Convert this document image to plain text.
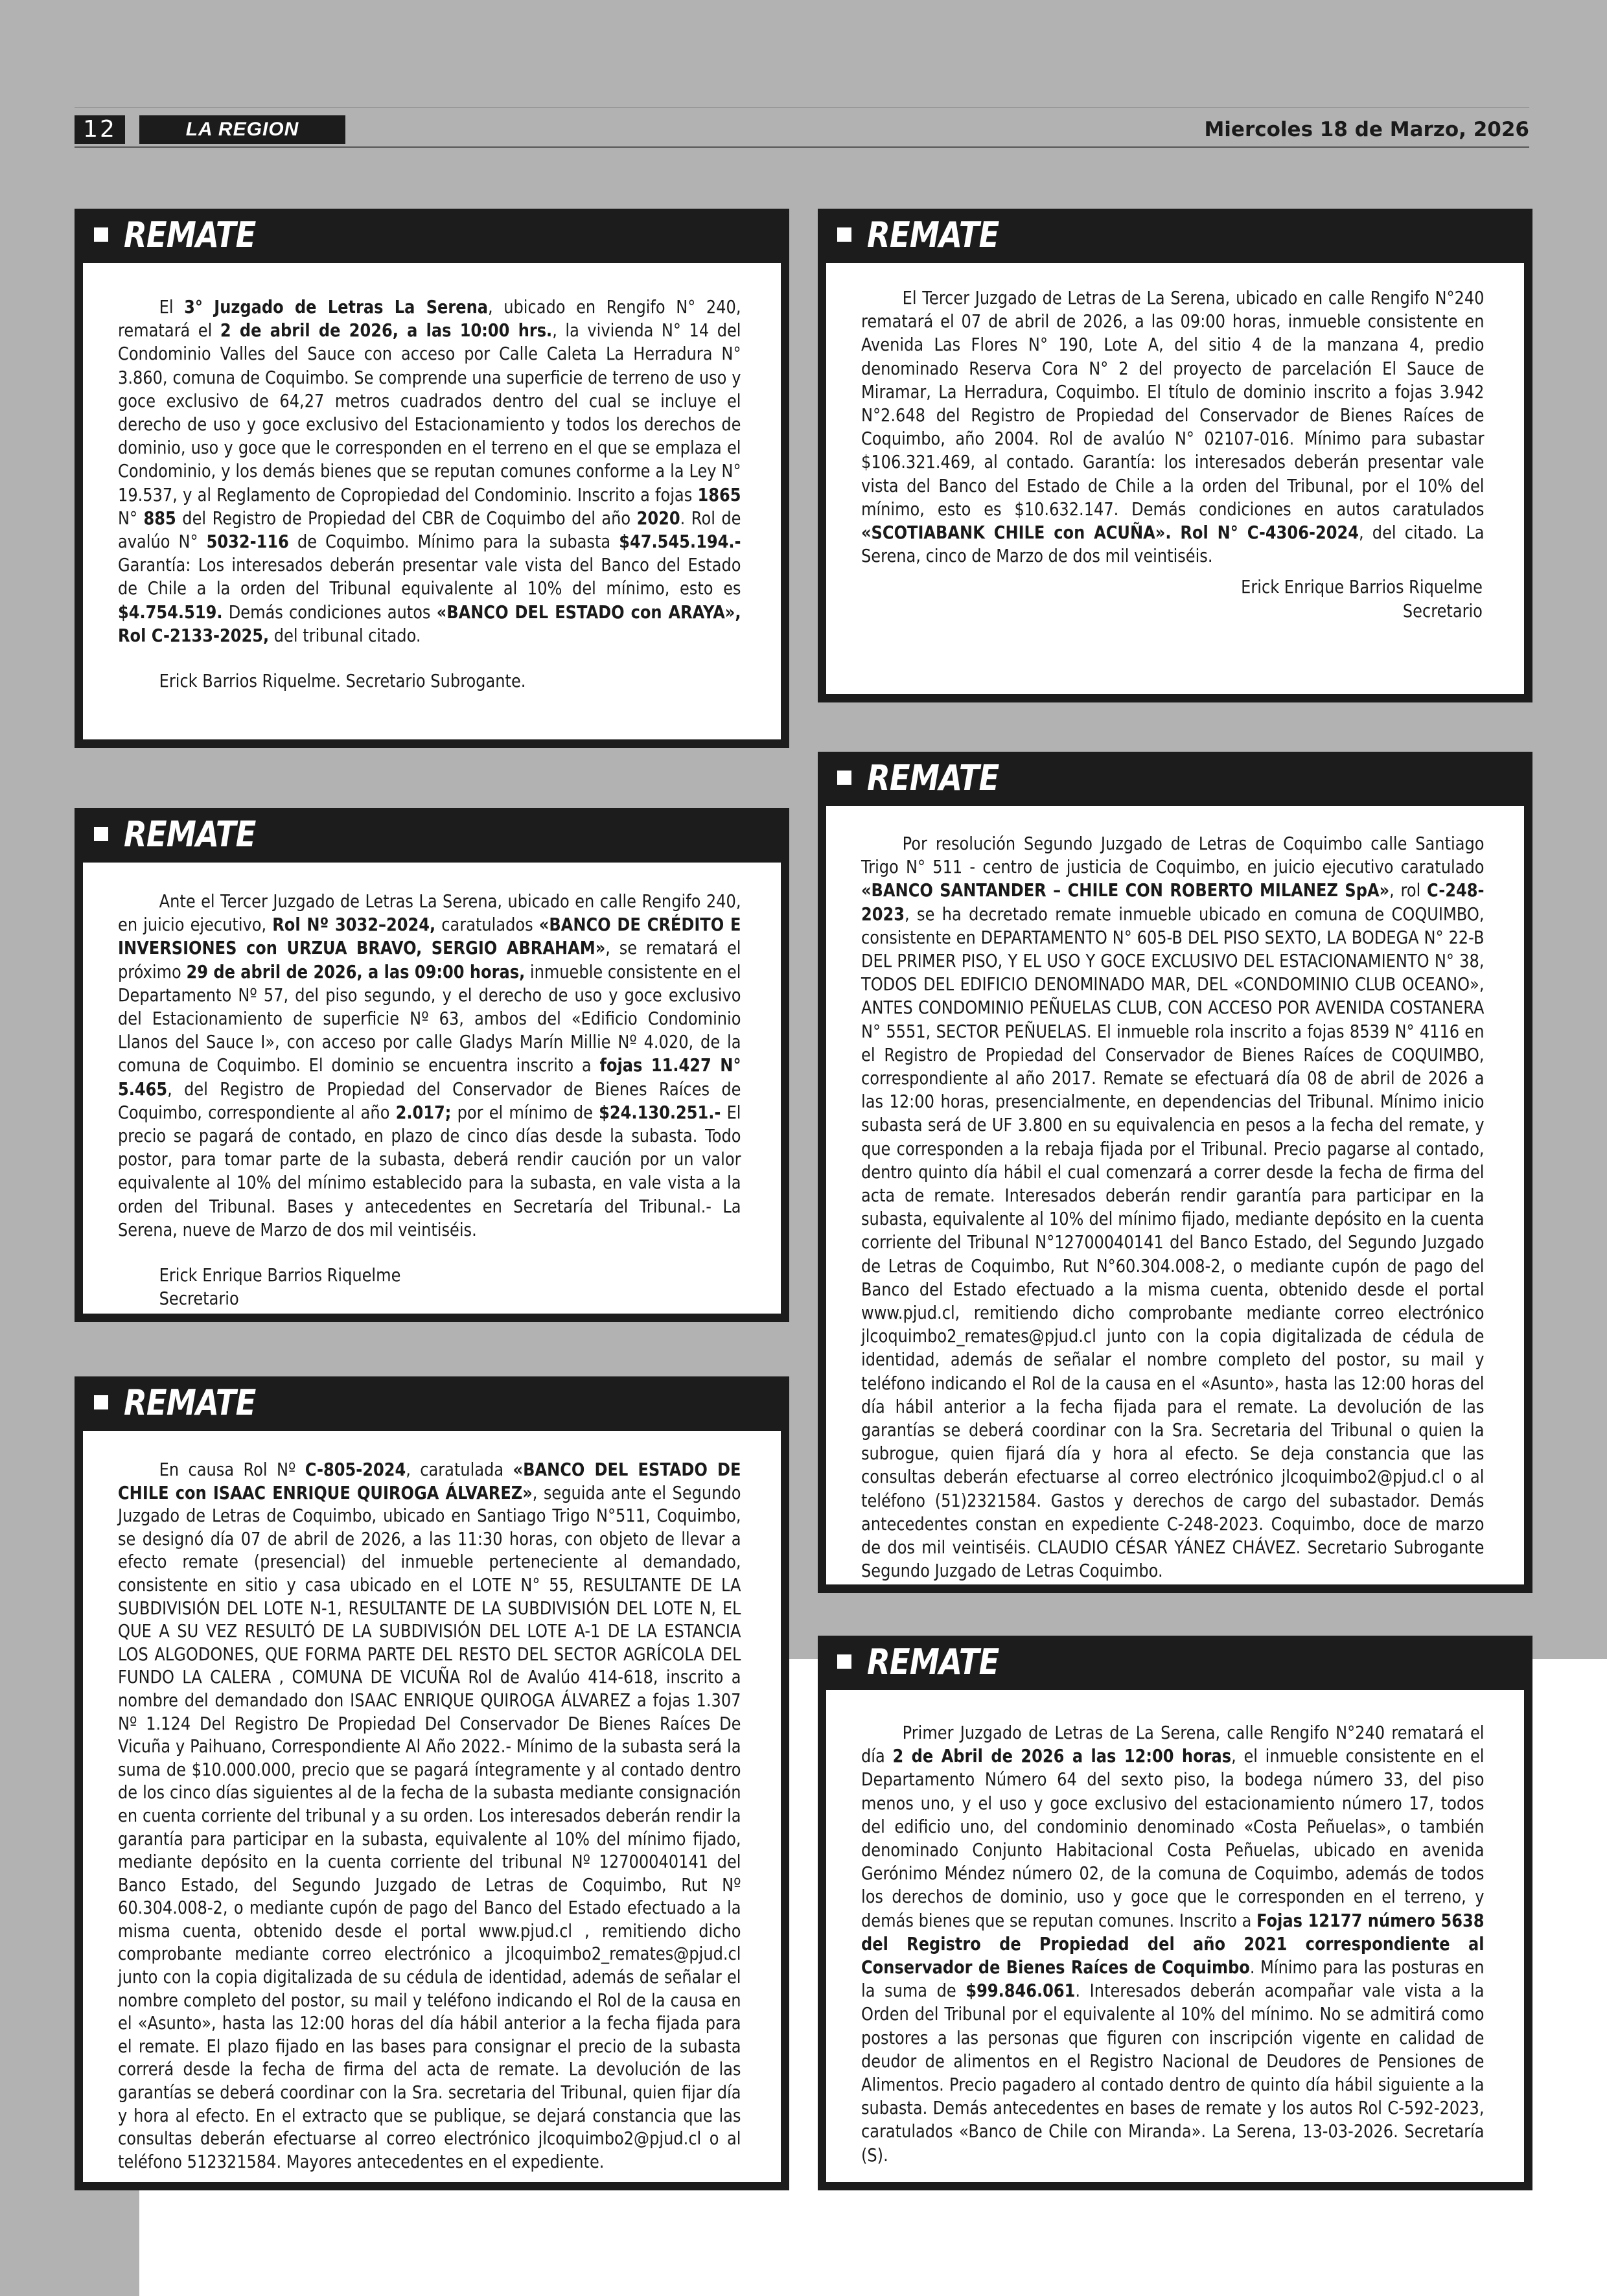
12	LA REGION	Miercoles 18 de Marzo, 2026
REMATE

El 3° Juzgado de Letras La Serena, ubicado en Rengifo N° 240, rematará el 2 de abril de 2026, a las 10:00 hrs., la vivienda N° 14 del Condominio Valles del Sauce con acceso por Calle Caleta La Herradura N° 3.860, comuna de Coquimbo. Se comprende una superficie de terreno de uso y goce exclusivo de 64,27 metros cuadrados dentro del cual se incluye el derecho de uso y goce exclusivo del Estacionamiento y todos los derechos de dominio, uso y goce que le corresponden en el terreno en el que se emplaza el Condominio, y los demás bienes que se reputan comunes conforme a la Ley N° 19.537, y al Reglamento de Copropiedad del Condominio. Inscrito a fojas 1865 N° 885 del Registro de Propiedad del CBR de Coquimbo del año 2020. Rol de avalúo N° 5032-116 de Coquimbo. Mínimo para la subasta $47.545.194.- Garantía: Los interesados deberán presentar vale vista del Banco del Estado de Chile a la orden del Tribunal equivalente al 10% del mínimo, esto es $4.754.519. Demás condiciones autos «BANCO DEL ESTADO con ARAYA», Rol C-2133-2025, del tribunal citado.

Erick Barrios Riquelme. Secretario Subrogante.

REMATE

El Tercer Juzgado de Letras de La Serena, ubicado en calle Rengifo N°240 rematará el 07 de abril de 2026, a las 09:00 horas, inmueble consistente en Avenida Las Flores N° 190, Lote A, del sitio 4 de la manzana 4, predio denominado Reserva Cora N° 2 del proyecto de parcelación El Sauce de Miramar, La Herradura, Coquimbo. El título de dominio inscrito a fojas 3.942 N°2.648 del Registro de Propiedad del Conservador de Bienes Raíces de Coquimbo, año 2004. Rol de avalúo N° 02107-016. Mínimo para subastar $106.321.469, al contado. Garantía: los interesados deberán presentar vale vista del Banco del Estado de Chile a la orden del Tribunal, por el 10% del mínimo, esto es $10.632.147. Demás condiciones en autos caratulados «SCOTIABANK CHILE con ACUÑA». Rol N° C-4306-2024, del citado. La Serena, cinco de Marzo de dos mil veintiséis.

Erick Enrique Barrios Riquelme
Secretario
REMATE

Ante el Tercer Juzgado de Letras La Serena, ubicado en calle Rengifo 240, en juicio ejecutivo, Rol Nº 3032–2024, caratulados «BANCO DE CRÉDITO E INVERSIONES con URZUA BRAVO, SERGIO ABRAHAM», se rematará el próximo 29 de abril de 2026, a las 09:00 horas, inmueble consistente en el Departamento Nº 57, del piso segundo, y el derecho de uso y goce exclusivo del Estacionamiento de superficie Nº 63, ambos del «Edificio Condominio Llanos del Sauce I», con acceso por calle Gladys Marín Millie Nº 4.020, de la comuna de Coquimbo. El dominio se encuentra inscrito a fojas 11.427 N° 5.465, del Registro de Propiedad del Conservador de Bienes Raíces de Coquimbo, correspondiente al año 2.017; por el mínimo de $24.130.251.- El precio se pagará de contado, en plazo de cinco días desde la subasta. Todo postor, para tomar parte de la subasta, deberá rendir caución por un valor equivalente al 10% del mínimo establecido para la subasta, en vale vista a la orden del Tribunal. Bases y antecedentes en Secretaría del Tribunal.- La Serena, nueve de Marzo de dos mil veintiséis.

Erick Enrique Barrios Riquelme
Secretario
REMATE

Por resolución Segundo Juzgado de Letras de Coquimbo calle Santiago Trigo N° 511 - centro de justicia de Coquimbo, en juicio ejecutivo caratulado «BANCO SANTANDER – CHILE CON ROBERTO MILANEZ SpA», rol C-248-2023, se ha decretado remate inmueble ubicado en comuna de COQUIMBO, consistente en DEPARTAMENTO N° 605-B DEL PISO SEXTO, LA BODEGA N° 22-B DEL PRIMER PISO, Y EL USO Y GOCE EXCLUSIVO DEL ESTACIONAMIENTO N° 38, TODOS DEL EDIFICIO DENOMINADO MAR, DEL «CONDOMINIO CLUB OCEANO», ANTES CONDOMINIO PEÑUELAS CLUB, CON ACCESO POR AVENIDA COSTANERA N° 5551, SECTOR PEÑUELAS. El inmueble rola inscrito a fojas 8539 N° 4116 en el Registro de Propiedad del Conservador de Bienes Raíces de COQUIMBO, correspondiente al año 2017. Remate se efectuará día 08 de abril de 2026 a las 12:00 horas, presencialmente, en dependencias del Tribunal. Mínimo inicio subasta será de UF 3.800 en su equivalencia en pesos a la fecha del remate, y que corresponden a la rebaja fijada por el Tribunal. Precio pagarse al contado, dentro quinto día hábil el cual comenzará a correr desde la fecha de firma del acta de remate. Interesados deberán rendir garantía para participar en la subasta, equivalente al 10% del mínimo fijado, mediante depósito en la cuenta corriente del Tribunal N°12700040141 del Banco Estado, del Segundo Juzgado de Letras de Coquimbo, Rut N°60.304.008-2, o mediante cupón de pago del Banco del Estado efectuado a la misma cuenta, obtenido desde el portal www.pjud.cl, remitiendo dicho comprobante mediante correo electrónico jlcoquimbo2_remates@pjud.cl junto con la copia digitalizada de cédula de identidad, además de señalar el nombre completo del postor, su mail y teléfono indicando el Rol de la causa en el «Asunto», hasta las 12:00 horas del día hábil anterior a la fecha fijada para el remate. La devolución de las garantías se deberá coordinar con la Sra. Secretaria del Tribunal o quien la subrogue, quien fijará día y hora al efecto. Se deja constancia que las consultas deberán efectuarse al correo electrónico jlcoquimbo2@pjud.cl o al teléfono (51)2321584. Gastos y derechos de cargo del subastador. Demás antecedentes constan en expediente C-248-2023. Coquimbo, doce de marzo de dos mil veintiséis. CLAUDIO CÉSAR YÁNEZ CHÁVEZ. Secretario Subrogante Segundo Juzgado de Letras Coquimbo.

REMATE

En causa Rol Nº C-805-2024, caratulada «BANCO DEL ESTADO DE CHILE con ISAAC ENRIQUE QUIROGA ÁLVAREZ», seguida ante el Segundo Juzgado de Letras de Coquimbo, ubicado en Santiago Trigo N°511, Coquimbo, se designó día 07 de abril de 2026, a las 11:30 horas, con objeto de llevar a efecto remate (presencial) del inmueble perteneciente al demandado, consistente en sitio y casa ubicado en el LOTE N° 55, RESULTANTE DE LA SUBDIVISIÓN DEL LOTE N-1, RESULTANTE DE LA SUBDIVISIÓN DEL LOTE N, EL QUE A SU VEZ RESULTÓ DE LA SUBDIVISIÓN DEL LOTE A-1 DE LA ESTANCIA LOS ALGODONES, QUE FORMA PARTE DEL RESTO DEL SECTOR AGRÍCOLA DEL FUNDO LA CALERA , COMUNA DE VICUÑA Rol de Avalúo 414-618, inscrito a nombre del demandado don ISAAC ENRIQUE QUIROGA ÁLVAREZ a fojas 1.307 Nº 1.124 Del Registro De Propiedad Del Conservador De Bienes Raíces De Vicuña y Paihuano, Correspondiente Al Año 2022.- Mínimo de la subasta será la suma de $10.000.000, precio que se pagará íntegramente y al contado dentro de los cinco días siguientes al de la fecha de la subasta mediante consignación en cuenta corriente del tribunal y a su orden. Los interesados deberán rendir la garantía para participar en la subasta, equivalente al 10% del mínimo fijado, mediante depósito en la cuenta corriente del tribunal Nº 12700040141 del Banco Estado, del Segundo Juzgado de Letras de Coquimbo, Rut Nº 60.304.008-2, o mediante cupón de pago del Banco del Estado efectuado a la misma cuenta, obtenido desde el portal www.pjud.cl , remitiendo dicho comprobante mediante correo electrónico a jlcoquimbo2_remates@pjud.cl junto con la copia digitalizada de su cédula de identidad, además de señalar el nombre completo del postor, su mail y teléfono indicando el Rol de la causa en el «Asunto», hasta las 12:00 horas del día hábil anterior a la fecha fijada para el remate. El plazo fijado en las bases para consignar el precio de la subasta correrá desde la fecha de firma del acta de remate. La devolución de las garantías se deberá coordinar con la Sra. secretaria del Tribunal, quien fijar día y hora al efecto. En el extracto que se publique, se dejará constancia que las consultas deberán efectuarse al correo electrónico jlcoquimbo2@pjud.cl o al teléfono 512321584. Mayores antecedentes en el expediente.

REMATE

Primer Juzgado de Letras de La Serena, calle Rengifo N°240 rematará el día 2 de Abril de 2026 a las 12:00 horas, el inmueble consistente en el Departamento Número 64 del sexto piso, la bodega número 33, del piso menos uno, y el uso y goce exclusivo del estacionamiento número 17, todos del edificio uno, del condominio denominado «Costa Peñuelas», o también denominado Conjunto Habitacional Costa Peñuelas, ubicado en avenida Gerónimo Méndez número 02, de la comuna de Coquimbo, además de todos los derechos de dominio, uso y goce que le corresponden en el terreno, y demás bienes que se reputan comunes. Inscrito a Fojas 12177 número 5638 del Registro de Propiedad del año 2021 correspondiente al Conservador de Bienes Raíces de Coquimbo. Mínimo para las posturas en la suma de $99.846.061. Interesados deberán acompañar vale vista a la Orden del Tribunal por el equivalente al 10% del mínimo. No se admitirá como postores a las personas que figuren con inscripción vigente en calidad de deudor de alimentos en el Registro Nacional de Deudores de Pensiones de Alimentos. Precio pagadero al contado dentro de quinto día hábil siguiente a la subasta. Demás antecedentes en bases de remate y los autos Rol C-592-2023, caratulados «Banco de Chile con Miranda». La Serena, 13-03-2026. Secretaría (S).
